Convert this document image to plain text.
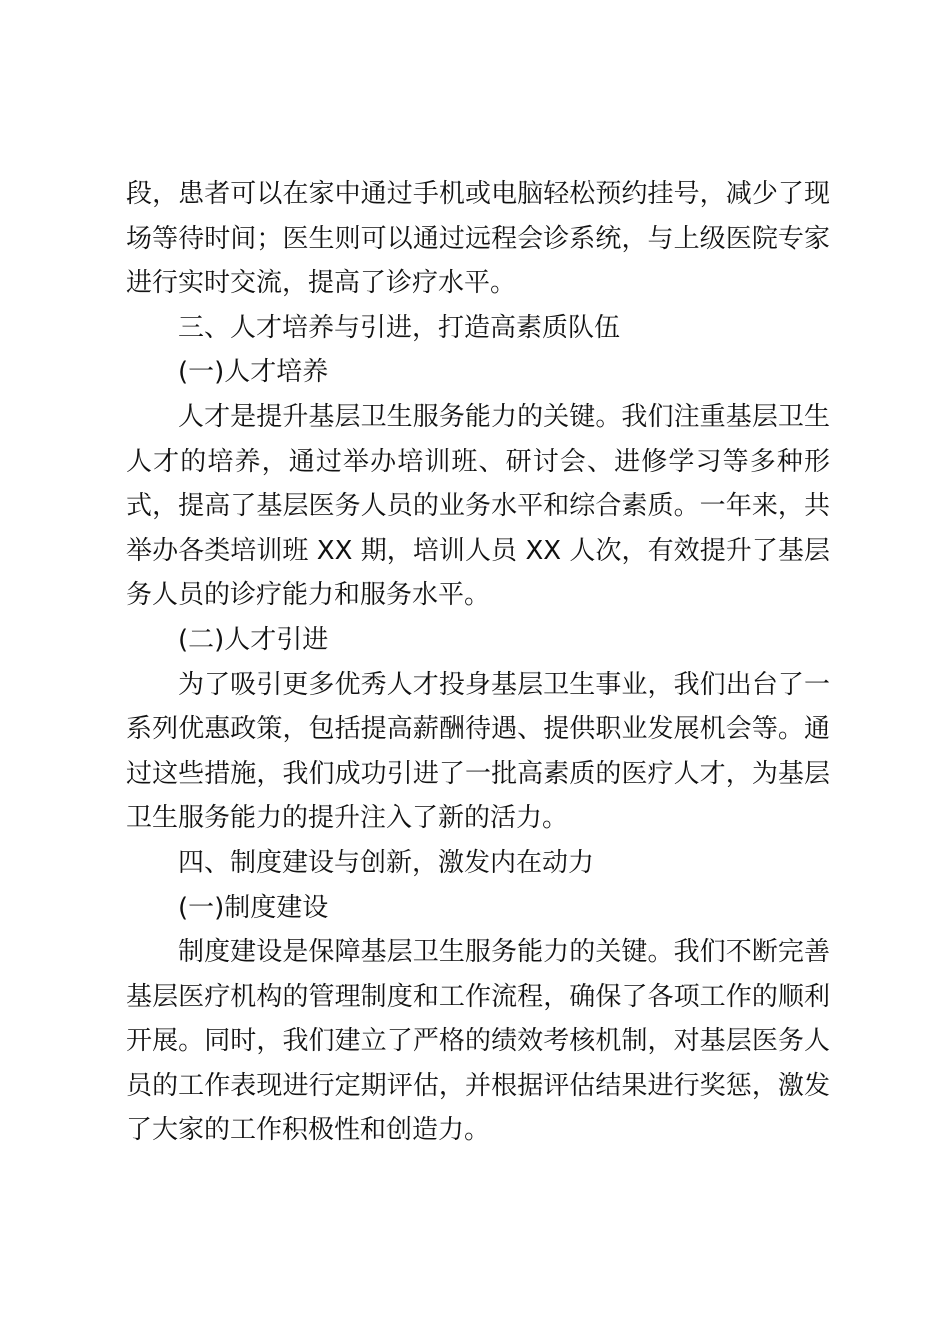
段，患者可以在家中通过手机或电脑轻松预约挂号，减少了现
场等待时间；医生则可以通过远程会诊系统，与上级医院专家
进行实时交流，提高了诊疗水平。
三、人才培养与引进，打造高素质队伍
(一)人才培养
人才是提升基层卫生服务能力的关键。我们注重基层卫生
人才的培养，通过举办培训班、研讨会、进修学习等多种形
式，提高了基层医务人员的业务水平和综合素质。一年来，共
举办各类培训班 XX 期，培训人员 XX 人次，有效提升了基层
务人员的诊疗能力和服务水平。
(二)人才引进
为了吸引更多优秀人才投身基层卫生事业，我们出台了一
系列优惠政策，包括提高薪酬待遇、提供职业发展机会等。通
过这些措施，我们成功引进了一批高素质的医疗人才，为基层
卫生服务能力的提升注入了新的活力。
四、制度建设与创新，激发内在动力
(一)制度建设
制度建设是保障基层卫生服务能力的关键。我们不断完善
基层医疗机构的管理制度和工作流程，确保了各项工作的顺利
开展。同时，我们建立了严格的绩效考核机制，对基层医务人
员的工作表现进行定期评估，并根据评估结果进行奖惩，激发
了大家的工作积极性和创造力。
